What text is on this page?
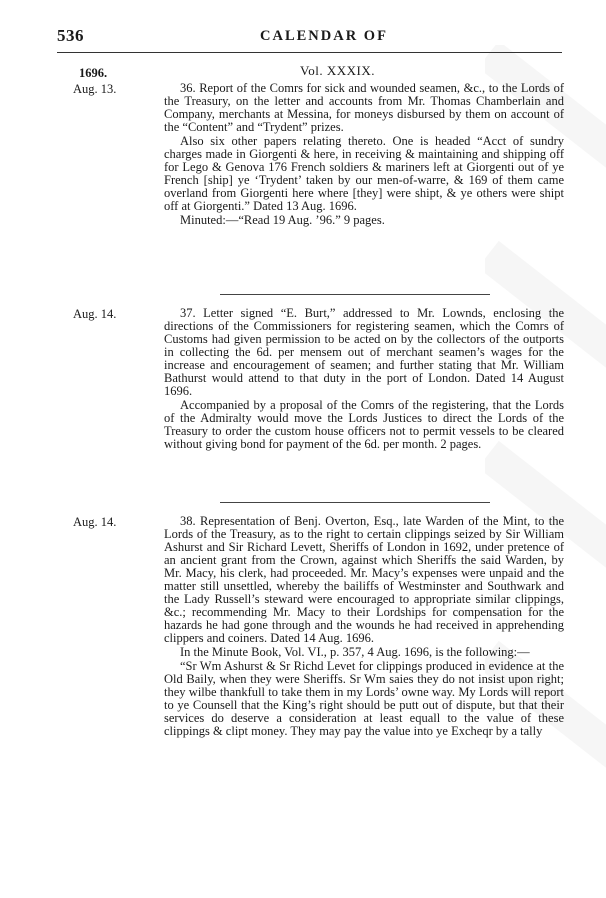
536	CALENDAR OF
1696.	Vol. XXXIX.
Aug. 13.	36. Report of the Comrs for sick and wounded seamen, &c., to the Lords of the Treasury, on the letter and accounts from Mr. Thomas Chamberlain and Company, merchants at Messina, for moneys disbursed by them on account of the “Content” and “Trydent” prizes.

Also six other papers relating thereto. One is headed “Acct of sundry charges made in Giorgenti & here, in receiving & maintaining and shipping off for Lego & Genova 176 French soldiers & mariners left at Giorgenti out of ye French [ship] ye ‘Trydent’ taken by our men-of-warre, & 169 of them came overland from Giorgenti here where [they] were shipt, & ye others were shipt off at Giorgenti.” Dated 13 Aug. 1696.

Minuted:—“Read 19 Aug. ’96.” 9 pages.

Aug. 14.	37. Letter signed “E. Burt,” addressed to Mr. Lownds, enclosing the directions of the Commissioners for registering seamen, which the Comrs of Customs had given permission to be acted on by the collectors of the outports in collecting the 6d. per mensem out of merchant seamen’s wages for the increase and encouragement of seamen; and further stating that Mr. William Bathurst would attend to that duty in the port of London. Dated 14 August 1696.

Accompanied by a proposal of the Comrs of the registering, that the Lords of the Admiralty would move the Lords Justices to direct the Lords of the Treasury to order the custom house officers not to permit vessels to be cleared without giving bond for payment of the 6d. per month. 2 pages.

Aug. 14.	38. Representation of Benj. Overton, Esq., late Warden of the Mint, to the Lords of the Treasury, as to the right to certain clippings seized by Sir William Ashurst and Sir Richard Levett, Sheriffs of London in 1692, under pretence of an ancient grant from the Crown, against which Sheriffs the said Warden, by Mr. Macy, his clerk, had proceeded. Mr. Macy’s expenses were unpaid and the matter still unsettled, whereby the bailiffs of Westminster and Southwark and the Lady Russell’s steward were encouraged to appropriate similar clippings, &c.; recommending Mr. Macy to their Lordships for compensation for the hazards he had gone through and the wounds he had received in apprehending clippers and coiners. Dated 14 Aug. 1696.

In the Minute Book, Vol. VI., p. 357, 4 Aug. 1696, is the following:—

“Sr Wm Ashurst & Sr Richd Levet for clippings produced in evidence at the Old Baily, when they were Sheriffs. Sr Wm saies they do not insist upon right; they wilbe thankfull to take them in my Lords’ owne way. My Lords will report to ye Counsell that the King’s right should be putt out of dispute, but that their services do deserve a consideration at least equall to the value of these clippings & clipt money. They may pay the value into ye Excheqr by a tally
